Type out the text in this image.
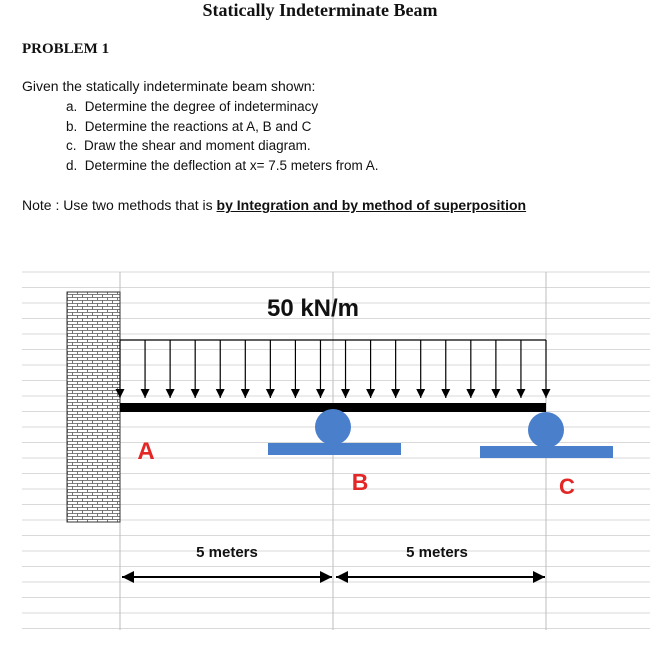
Statically Indeterminate Beam
PROBLEM 1
Given the statically indeterminate beam shown:
a.  Determine the degree of indeterminacy
b.  Determine the reactions at A, B and C
c.  Draw the shear and moment diagram.
d.  Determine the deflection at x= 7.5 meters from A.
Note : Use two methods that is by Integration and by method of superposition
50 kN/m
A
B	C
5 meters	5 meters
